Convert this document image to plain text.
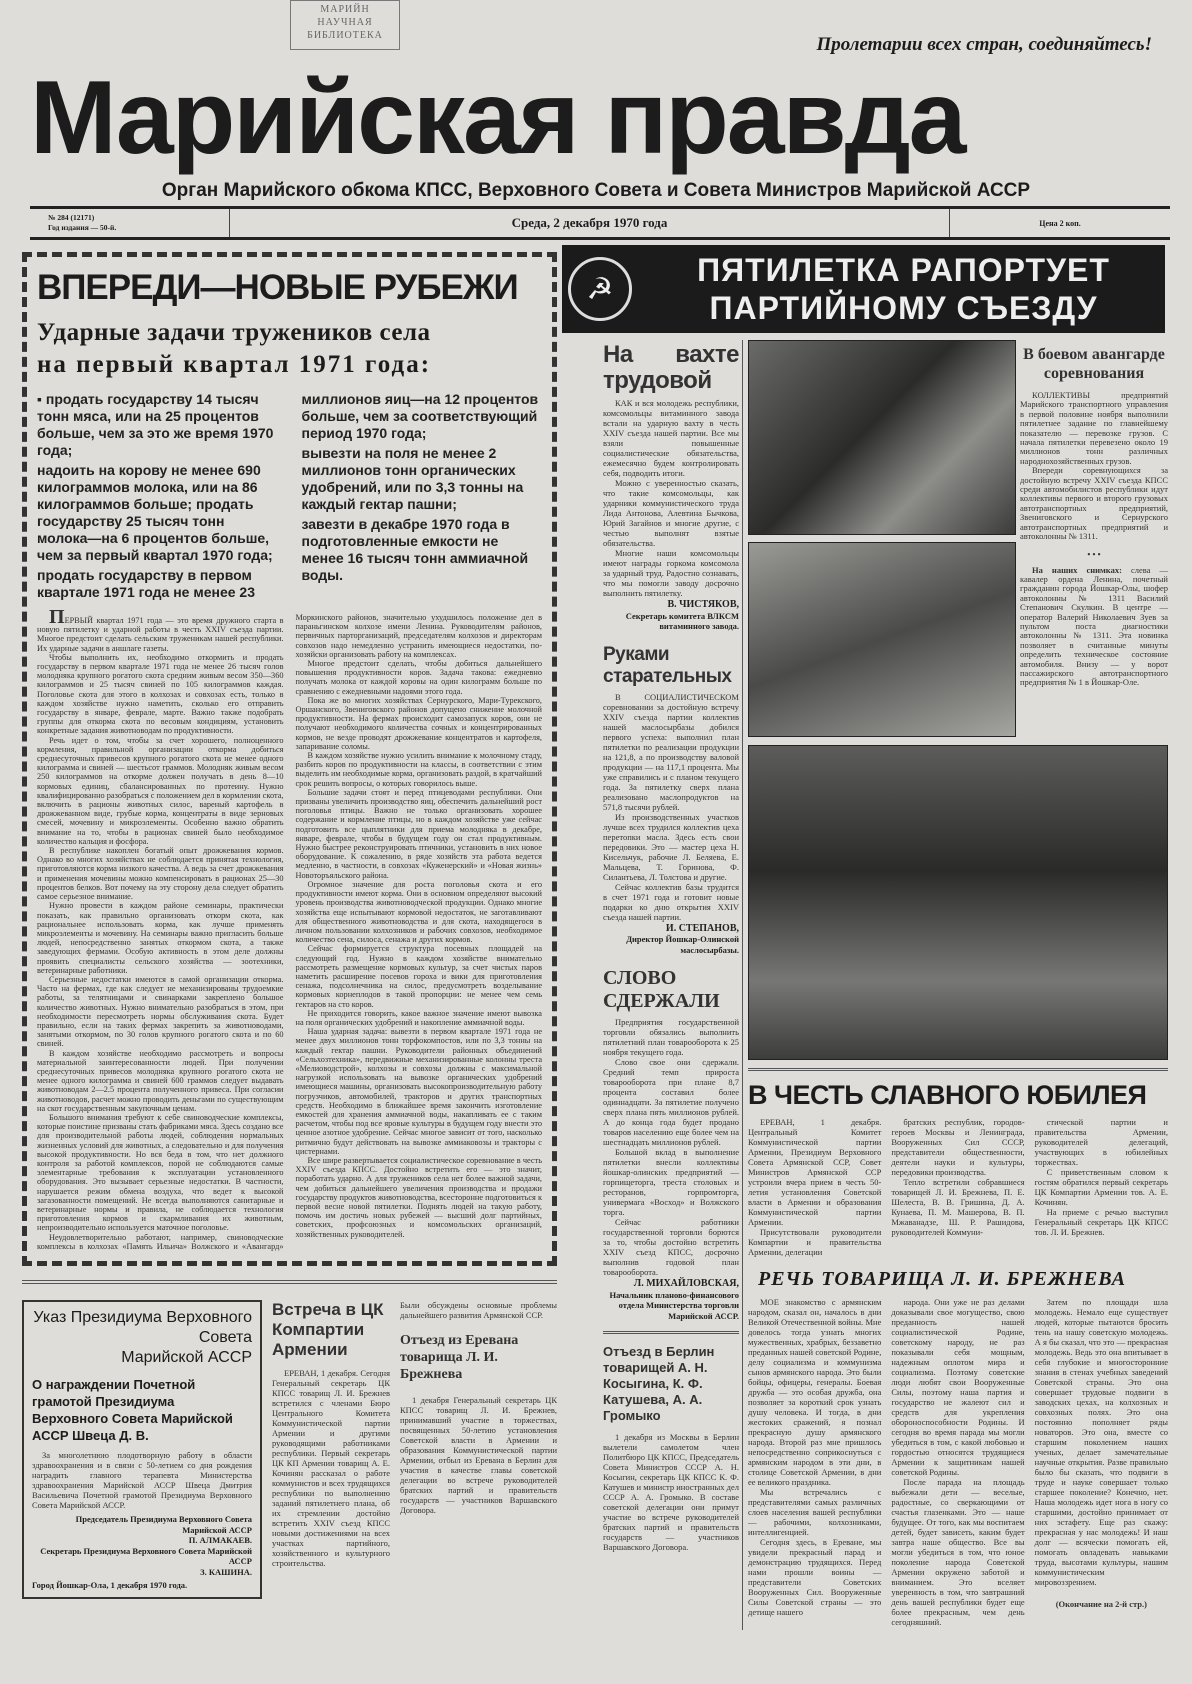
МАРИЙН
НАУЧНАЯ
БИБЛИОТЕКА	Пролетарии всех стран, соединяйтесь!
Марийская правда
Орган Марийского обкома КПСС, Верховного Совета и Совета Министров Марийской АССР
№ 284 (12171)
Год издания — 50-й.	Среда, 2 декабря 1970 года	Цена 2 коп.
ВПЕРЕДИ—НОВЫЕ РУБЕЖИ
Ударные задачи тружеников села
на первый квартал 1971 года:

▪ продать государству 14 тысяч тонн мяса, или на 25 процентов больше, чем за это же время 1970 года;

надоить на корову не менее 690 килограммов молока, или на 86 килограммов больше; продать государству 25 тысяч тонн молока—на 6 процентов больше, чем за первый квартал 1970 года;

продать государству в первом квартале 1971 года не менее 23 миллионов яиц—на 12 процентов больше, чем за соответствующий период 1970 года;

вывезти на поля не менее 2 миллионов тонн органических удобрений, или по 3,3 тонны на каждый гектар пашни;

завезти в декабре 1970 года в подготовленные емкости не менее 16 тысяч тонн аммиачной воды.

ПЕРВЫЙ квартал 1971 года — это время дружного старта в новую пятилетку и ударной работы в честь XXIV съезда партии. Многое предстоит сделать сельским труженикам нашей республики. Их ударные задачи в аншлаге газеты.

Чтобы выполнить их, необходимо откормить и продать государству в первом квартале 1971 года не менее 26 тысяч голов молодняка крупного рогатого скота средним живым весом 350—360 килограммов и 25 тысяч свиней по 105 килограммов каждая. Поголовье скота для этого в колхозах и совхозах есть, только в каждом хозяйстве нужно наметить, сколько его отправить государству в январе, феврале, марте. Важно также подобрать группы для откорма скота по весовым кондициям, установить конкретные задания животноводам по продуктивности.

Речь идет о том, чтобы за счет хорошего, полноценного кормления, правильной организации откорма добиться среднесуточных привесов крупного рогатого скота не менее одного килограмма и свиней — шестьсот граммов. Молодняк живым весом 250 килограммов на откорме должен получать в день 8—10 кормовых единиц, сбалансированных по протеину. Нужно квалифицированно разобраться с положением дел в кормлении скота, включить в рационы животных силос, вареный картофель в дрожжеванном виде, грубые корма, концентраты в виде зерновых смесей, мочевину и микроэлементы. Особенно важно обратить внимание на то, чтобы в рационах свиней было необходимое количество кальция и фосфора.

В республике накоплен богатый опыт дрожжевания кормов. Однако во многих хозяйствах не соблюдается принятая технология, приготовляются корма низкого качества. А ведь за счет дрожжевания и применения мочевины можно компенсировать в рационах 25—30 процентов белков. Вот почему на эту сторону дела следует обратить самое серьезное внимание.

Нужно провести в каждом районе семинары, практически показать, как правильно организовать откорм скота, как рациональнее использовать корма, как лучше применять микроэлементы и мочевину. На семинары важно пригласить больше людей, непосредственно занятых откормом скота, а также заведующих фермами. Особую активность в этом деле должны проявить специалисты сельского хозяйства — зоотехники, ветеринарные работники.

Серьезные недостатки имеются в самой организации откорма. Часто на фермах, где как следует не механизированы трудоемкие работы, за телятницами и свинарками закреплено большое количество животных. Нужно внимательно разобраться в этом, при необходимости пересмотреть нормы обслуживания скота. Будет правильно, если на таких фермах закрепить за животноводами, занятыми откормом, по 30 голов крупного рогатого скота и по 60 свиней.

В каждом хозяйстве необходимо рассмотреть и вопросы материальной заинтересованности людей. При получении среднесуточных привесов молодняка крупного рогатого скота не менее одного килограмма и свиней 600 граммов следует выдавать животноводам 2—2.5 процента полученного привеса. При согласии животноводов, расчет можно проводить деньгами по существующим на скот государственным закупочным ценам.

Большого внимания требуют к себе свиноводческие комплексы, которые поистине призваны стать фабриками мяса. Здесь создано все для производительной работы людей, соблюдения нормальных жизненных условий для животных, а следовательно и для получения высокой продуктивности. Но вся беда в том, что нет должного контроля за работой комплексов, порой не соблюдаются самые элементарные требования к эксплуатации установленного оборудования. Это вызывает серьезные недостатки. В частности, нарушается режим обмена воздуха, что ведет к высокой загазованности помещений. Не всегда выполняются санитарные и ветеринарные нормы и правила, не соблюдается технология приготовления кормов и скармливания их животным, непроизводительно используется маточное поголовье.

Неудовлетворительно работают, например, свиноводческие комплексы в колхозах «Память Ильича» Волжского и «Авангард» Моркинского районов, значительно ухудшилось положение дел в параньгинском колхозе имени Ленина. Руководителям районов, первичных парторганизаций, председателям колхозов и директорам совхозов надо немедленно устранить имеющиеся недостатки, по-хозяйски организовать работу на комплексах.

Многое предстоит сделать, чтобы добиться дальнейшего повышения продуктивности коров. Задача такова: ежедневно получать молока от каждой коровы на один килограмм больше по сравнению с ежедневными надоями этого года.

Пока же во многих хозяйствах Сернурского, Мари-Турекского, Оршанского, Звениговского районов допущено снижение молочной продуктивности. На фермах происходит самозапуск коров, они не получают необходимого количества сочных и концентрированных кормов, не везде проводят дрожжевание концентратов и картофеля, запаривание соломы.

В каждом хозяйстве нужно усилить внимание к молочному стаду, разбить коров по продуктивности на классы, в соответствии с этим выделить им необходимые корма, организовать раздой, в кратчайший срок решить вопросы, о которых говорилось выше.

Большие задачи стоят и перед птицеводами республики. Они призваны увеличить производство яиц, обеспечить дальнейший рост поголовья птицы. Важно не только организовать хорошее содержание и кормление птицы, но в каждом хозяйстве уже сейчас подготовить все цыплятники для приема молодняка в декабре, январе, феврале, чтобы в будущем году он стал продуктивным. Нужно быстрее реконструировать птичники, установить в них новое оборудование. К сожалению, в ряде хозяйств эта работа ведется медленно, в частности, в совхозах «Куженерский» и «Новая жизнь» Новоторъяльского района.

Огромное значение для роста поголовья скота и его продуктивности имеют корма. Они в основном определяют высокий уровень производства животноводческой продукции. Однако многие хозяйства еще испытывают кормовой недостаток, не заготавливают для общественного животноводства и для скота, находящегося в личном пользовании колхозников и рабочих совхозов, необходимое количество сена, силоса, сенажа и других кормов.

Сейчас формируется структура посевных площадей на следующий год. Нужно в каждом хозяйстве внимательно рассмотреть размещение кормовых культур, за счет чистых паров наметить расширение посевов гороха и вики для приготовления сенажа, подсолнечника на силос, предусмотреть возделывание кормовых корнеплодов в такой пропорции: не менее чем семь гектаров на сто коров.

Не приходится говорить, какое важное значение имеют вывозка на поля органических удобрений и накопление аммиачной воды.

Наша ударная задача: вывезти в первом квартале 1971 года не менее двух миллионов тонн торфокомпостов, или по 3,3 тонны на каждый гектар пашни. Руководители районных объединений «Сельхозтехника», передвижные механизированные колонны треста «Мелиоводстрой», колхозы и совхозы должны с максимальной нагрузкой использовать на вывозке органических удобрений имеющиеся машины, организовать высокопроизводительную работу погрузчиков, автомобилей, тракторов и других транспортных средств. Необходимо в ближайшее время закончить изготовление емкостей для хранения аммиачной воды, накапливать ее с таким расчетом, чтобы под все яровые культуры в будущем году внести это ценное азотное удобрение. Сейчас многое зависит от того, насколько ритмично будут действовать на вывозке аммиаковозы и тракторы с цистернами.

Все шире развертывается социалистическое соревнование в честь XXIV съезда КПСС. Достойно встретить его — это значит, поработать ударно. А для тружеников села нет более важной задачи, чем добиться дальнейшего увеличения производства и продажи государству продуктов животноводства, всесторонне подготовиться к первой весне новой пятилетки. Поднять людей на такую работу, помочь им достичь новых рубежей — высший долг партийных, советских, профсоюзных и комсомольских организаций, хозяйственных руководителей.

Указ Президиума Верховного Совета
Марийской АССР
О награждении Почетной грамотой Президиума Верховного Совета Марийской АССР Швеца Д. В.

За многолетнюю плодотворную работу в области здравоохранения и в связи с 50-летием со дня рождения наградить главного терапевта Министерства здравоохранения Марийской АССР Швеца Дмитрия Васильевича Почетной грамотой Президиума Верховного Совета Марийской АССР.

Председатель Президиума Верховного Совета Марийской АССР
П. АЛМАКАЕВ.
Секретарь Президиума Верховного Совета Марийской АССР
З. КАШИНА.
Город Йошкар-Ола, 1 декабря 1970 года.
Встреча в ЦК Компартии Армении

ЕРЕВАН, 1 декабря. Сегодня Генеральный секретарь ЦК КПСС товарищ Л. И. Брежнев встретился с членами Бюро Центрального Комитета Коммунистической партии Армении и другими руководящими работниками республики. Первый секретарь ЦК КП Армении товарищ А. Е. Кочинян рассказал о работе коммунистов и всех трудящихся республики по выполнению заданий пятилетнего плана, об их стремлении достойно встретить XXIV съезд КПСС новыми достижениями на всех участках партийного, хозяйственного и культурного строительства.

Были обсуждены основные проблемы дальнейшего развития Армянской ССР.

Отъезд из Еревана товарища Л. И. Брежнева

1 декабря Генеральный секретарь ЦК КПСС товарищ Л. И. Брежнев, принимавший участие в торжествах, посвященных 50-летию установления Советской власти в Армении и образования Коммунистической партии Армении, отбыл из Еревана в Берлин для участия в качестве главы советской делегации во встрече руководителей братских партий и правительств государств — участников Варшавского Договора.

☭
ПЯТИЛЕТКА РАПОРТУЕТ
ПАРТИЙНОМУ СЪЕЗДУ
На вахте трудовой

КАК и вся молодежь республики, комсомольцы витаминного завода встали на ударную вахту в честь XXIV съезда нашей партии. Все мы взяли повышенные социалистические обязательства, ежемесячно будем контролировать себя, подводить итоги.

Можно с уверенностью сказать, что такие комсомольцы, как ударники коммунистического труда Лида Антонова, Алевтина Бычкова, Юрий Загайнов и многие другие, с честью выполнят взятые обязательства.

Многие наши комсомольцы имеют награды горкома комсомола за ударный труд. Радостно сознавать, что мы помогли заводу досрочно выполнить пятилетку.

В. ЧИСТЯКОВ,
Секретарь комитета ВЛКСМ витаминного завода.
Руками старательных

В СОЦИАЛИСТИЧЕСКОМ соревновании за достойную встречу XXIV съезда партии коллектив нашей маслосырбазы добился первого успеха: выполнил план пятилетки по реализации продукции на 121,8, а по производству валовой продукции — на 117,1 процента. Мы уже справились и с планом текущего года. За пятилетку сверх плана реализовано маслопродуктов на 571,8 тысячи рублей.

Из производственных участков лучше всех трудился коллектив цеха перетопки масла. Здесь есть свои передовики. Это — мастер цеха Н. Кисельчук, рабочие Л. Беляева, Е. Мальцева, Т. Горинова, Ф. Силантьева, Л. Толстова и другие.

Сейчас коллектив базы трудится в счет 1971 года и готовит новые подарки ко дню открытия XXIV съезда нашей партии.

И. СТЕПАНОВ,
Директор Йошкар-Олинской маслосырбазы.
СЛОВО СДЕРЖАЛИ

Предприятия государственной торговли обязались выполнить пятилетний план товарооборота к 25 ноября текущего года.

Слово свое они сдержали. Средний темп прироста товарооборота при плане 8,7 процента составил более одиннадцати. За пятилетие получено сверх плана пять миллионов рублей. А до конца года будет продано товаров населению еще более чем на шестнадцать миллионов рублей.

Большой вклад в выполнение пятилетки внесли коллективы йошкар-олинских предприятий — горпищеторга, треста столовых и ресторанов, горпромторга, универмага «Восход» и Волжского торга.

Сейчас работники государственной торговли борются за то, чтобы достойно встретить XXIV съезд КПСС, досрочно выполнив годовой план товарооборота.

Л. МИХАЙЛОВСКАЯ,
Начальник планово-финансового отдела Министерства торговли Марийской АССР.
Отъезд в Берлин товарищей А. Н. Косыгина, К. Ф. Катушева, А. А. Громыко

1 декабря из Москвы в Берлин вылетели самолетом член Политбюро ЦК КПСС, Председатель Совета Министров СССР А. Н. Косыгин, секретарь ЦК КПСС К. Ф. Катушев и министр иностранных дел СССР А. А. Громыко. В составе советской делегации они примут участие во встрече руководителей братских партий и правительств государств — участников Варшавского Договора.

В боевом авангарде соревнования

КОЛЛЕКТИВЫ предприятий Марийского транспортного управления в первой половине ноября выполнили пятилетнее задание по главнейшему показателю — перевозке грузов. С начала пятилетки перевезено около 19 миллионов тонн различных народнохозяйственных грузов.

Впереди соревнующихся за достойную встречу XXIV съезда КПСС среди автомобилистов республики идут коллективы первого и второго грузовых автотранспортных предприятий, Звениговского и Сернурского автотранспортных предприятий и автоколонны № 1311.

• • •

На наших снимках: слева — кавалер ордена Ленина, почетный гражданин города Йошкар-Олы, шофер автоколонны № 1311 Василий Степанович Скулкин. В центре — оператор Валерий Николаевич Зуев за пультом поста диагностики автоколонны № 1311. Эта новинка позволяет в считанные минуты определить техническое состояние автомобиля. Внизу — у ворот пассажирского автотранспортного предприятия № 1 в Йошкар-Оле.

В ЧЕСТЬ СЛАВНОГО ЮБИЛЕЯ

ЕРЕВАН, 1 декабря. Центральный Комитет Коммунистической партии Армении, Президиум Верховного Совета Армянской ССР, Совет Министров Армянской ССР устроили вчера прием в честь 50-летия установления Советской власти в Армении и образования Коммунистической партии Армении.

Присутствовали руководители Компартии и правительства Армении, делегации

братских республик, городов-героев Москвы и Ленинграда, Вооруженных Сил СССР, представители общественности, деятели науки и культуры, передовики производства.

Тепло встретили собравшиеся товарищей Л. И. Брежнева, П. Е. Шелеста, В. В. Гришина, Д. А. Кунаева, П. М. Машерова, В. П. Мжаванадзе, Ш. Р. Рашидова, руководителей Коммуни-

стической партии и правительства Армении, руководителей делегаций, участвующих в юбилейных торжествах.

С приветственным словом к гостям обратился первый секретарь ЦК Компартии Армении тов. А. Е. Кочинян.

На приеме с речью выступил Генеральный секретарь ЦК КПСС тов. Л. И. Брежнев.

РЕЧЬ ТОВАРИЩА Л. И. БРЕЖНЕВА

МОЕ знакомство с армянским народом, сказал он, началось в дни Великой Отечественной войны. Мне довелось тогда узнать многих мужественных, храбрых, беззаветно преданных нашей советской Родине, делу социализма и коммунизма сынов армянского народа. Это были бойцы, офицеры, генералы. Боевая дружба — это особая дружба, она позволяет за короткий срок узнать душу человека. И тогда, в дни жестоких сражений, я познал прекрасную душу армянского народа. Второй раз мне пришлось непосредственно соприкоснуться с армянским народом в эти дни, в столице Советской Армении, в дни ее великого праздника.

Мы встречались с представителями самых различных слоев населения вашей республики — рабочими, колхозниками, интеллигенцией.

Сегодня здесь, в Ереване, мы увидели прекрасный парад и демонстрацию трудящихся. Перед нами прошли воины — представители Советских Вооруженных Сил. Вооруженные Силы Советской страны — это детище нашего

народа. Они уже не раз делами доказывали свое могущество, свою преданность нашей социалистической Родине, советскому народу, не раз показывали себя мощным, надежным оплотом мира и социализма. Поэтому советские люди любят свои Вооруженные Силы, поэтому наша партия и государство не жалеют сил и средств для укрепления обороноспособности Родины. И сегодня во время парада мы могли убедиться в том, с какой любовью и гордостью относятся трудящиеся Армении к защитникам нашей советской Родины.

После парада на площадь выбежали дети — веселые, радостные, со сверкающими от счастья глазенками. Это — наше будущее. От того, как мы воспитаем детей, будет зависеть, каким будет завтра наше общество. Все вы могли убедиться в том, что юное поколение народа Советской Армении окружено заботой и вниманием. Это вселяет уверенность в том, что завтрашний день вашей республики будет еще более прекрасным, чем день сегодняшний.

Затем по площади шла молодежь. Немало еще существует людей, которые пытаются бросить тень на нашу советскую молодежь. А я бы сказал, что это — прекрасная молодежь. Ведь это она впитывает в себя глубокие и многосторонние знания в стенах учебных заведений Советской страны. Это она совершает трудовые подвиги в заводских цехах, на колхозных и совхозных полях. Это она постоянно пополняет ряды новаторов. Это она, вместе со старшим поколением наших ученых, делает замечательные научные открытия. Разве правильно было бы сказать, что подвиги в труде и науке совершает только старшее поколение? Конечно, нет. Наша молодежь идет нога в ногу со старшими, достойно принимает от них эстафету. Еще раз скажу: прекрасная у нас молодежь! И наш долг — всячески помогать ей, помогать овладевать навыками труда, высотами культуры, нашим коммунистическим мировоззрением.

(Окончание на 2-й стр.)
